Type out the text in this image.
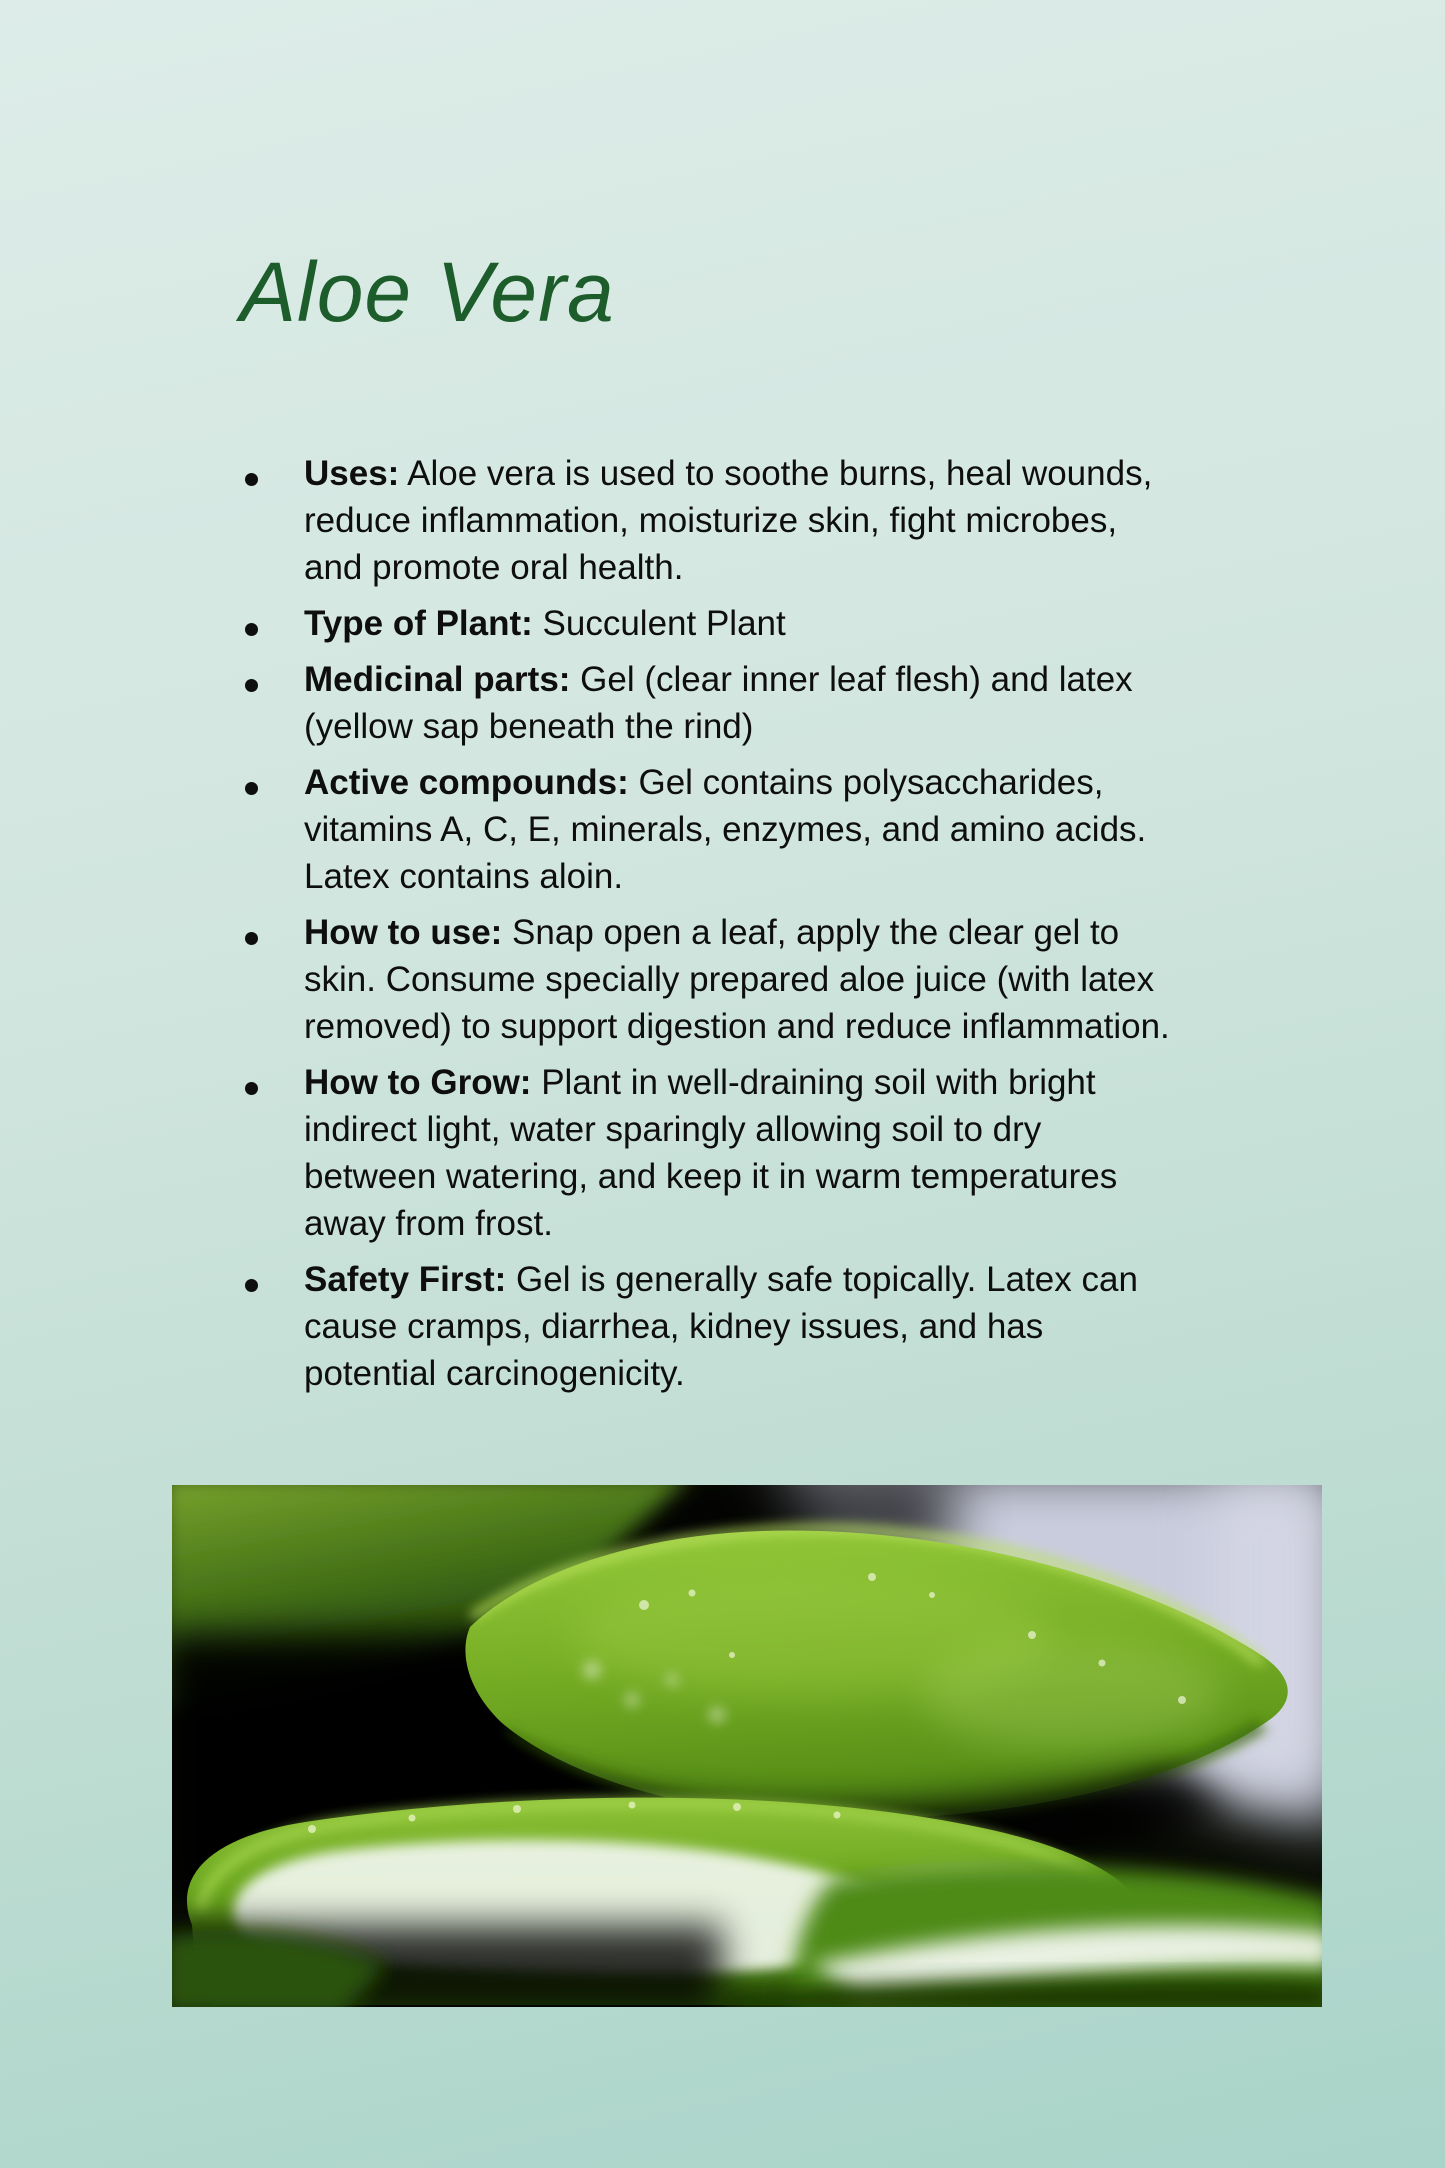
Aloe Vera
Uses: Aloe vera is used to soothe burns, heal wounds, reduce inflammation, moisturize skin, fight microbes, and promote oral health.
Type of Plant: Succulent Plant
Medicinal parts: Gel (clear inner leaf flesh) and latex (yellow sap beneath the rind)
Active compounds: Gel contains polysaccharides, vitamins A, C, E, minerals, enzymes, and amino acids. Latex contains aloin.
How to use: Snap open a leaf, apply the clear gel to skin. Consume specially prepared aloe juice (with latex removed) to support digestion and reduce inflammation.
How to Grow: Plant in well-draining soil with bright indirect light, water sparingly allowing soil to dry between watering, and keep it in warm temperatures away from frost.
Safety First: Gel is generally safe topically. Latex can cause cramps, diarrhea, kidney issues, and has potential carcinogenicity.
